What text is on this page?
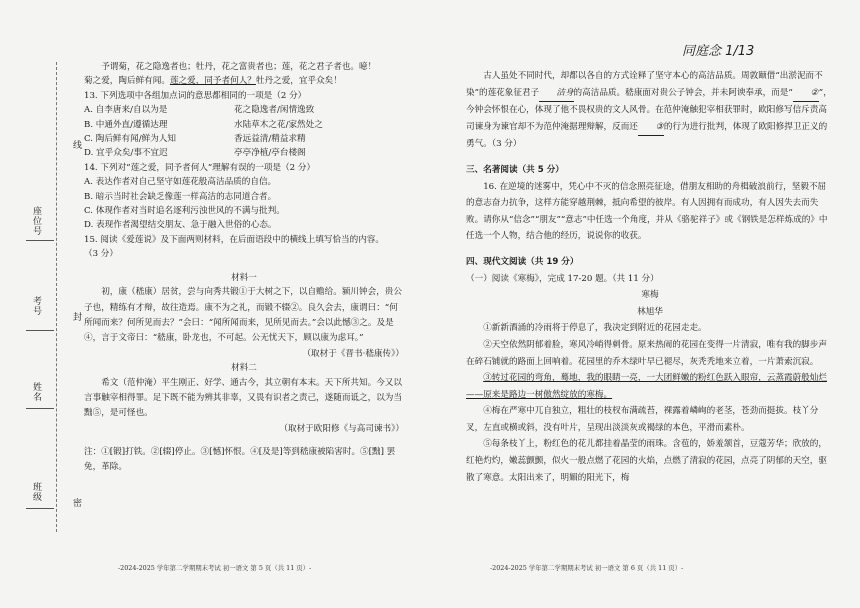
线
封
密
座位号
考号
姓名
班级

予谓菊，花之隐逸者也；牡丹，花之富贵者也；莲，花之君子者也。噫！

菊之爱，陶后鲜有闻。莲之爱，同予者何人？牡丹之爱，宜乎众矣！

13. 下列选项中各组加点词的意思都相同的一项是（2 分）

A. 自李唐来/自以为是	花之隐逸者/闲情逸致
B. 中通外直/遵循达理	水陆草木之花/家然处之
C. 陶后鲜有闻/鲜为人知	香远益清/精益求精
D. 宜乎众矣/事不宜迟	亭亭净植/亭台楼阁

14. 下列对“莲之爱，同予者何人”理解有误的一项是（2 分）

A. 表达作者对自己坚守如莲花般高洁品质的自信。

B. 暗示当时社会缺乏像莲一样高洁的志同道合者。

C. 体现作者对当时追名逐利污浊世风的不满与批判。

D. 表现作者渴望结交朋友、急于融入世俗的心态。

15. 阅读《爱莲说》及下面两则材料，在后面语段中的横线上填写恰当的内容。

（3 分）

材料一

初，康（嵇康）居贫，尝与向秀共锻①于大树之下，以自赡给。颍川钟会，贵公子也，精练有才辩，故往造焉。康不为之礼，而锻不辍②。良久会去，康谓曰：“何所闻而来？何所见而去？”会曰：“闻所闻而来，见所见而去。”会以此憾③之。及是④，言于文帝曰：“嵇康，卧龙也，不可起。公无忧天下，顾以康为虑耳。”

（取材于《晋书·嵇康传》）

材料二

希文（范仲淹）平生刚正、好学、通古今，其立朝有本末。天下所共知。今又以言事触宰相得罪。足下既不能为辨其非辜，又畏有识者之责己，遂随而诋之，以为当黜⑤，是可怪也。

（取材于欧阳修《与高司谏书》）

注：①[锻]打铁。②[辍]停止。③[憾]怀恨。④[及是]等到嵇康被陷害时。⑤[黜] 罢免，革除。

-2024-2025 学年第二学期期末考试 初一语文 第 5 页（共 11 页）-
同庭念 1/13

古人虽处不同时代，却都以各自的方式诠释了坚守本心的高洁品质。周敦颐借“出淤泥而不染”的莲花象征君子 洁身的高洁品质。嵇康面对贵公子钟会，并未阿谀奉承，而是“ ②”，今钟会怀恨在心，体现了他不畏权贵的文人风骨。在范仲淹触犯宰相获罪时，欧阳修写信斥责高司谏身为谏官却不为范仲淹据理辩解，反而还 ③的行为进行批判，体现了欧阳修捍卫正义的勇气。（3 分）

三、名著阅读（共 5 分）

16. 在逆境的迷雾中，凭心中不灭的信念照亮征途，借朋友相助的舟楫破浪前行，坚毅不屈的意志奋力抗争，这样方能穿越荆棘，抵向希望的彼岸。有人因拥有而成功，有人因失去而失败。请你从“信念”“朋友”“意志”中任选一个角度，并从《骆驼祥子》或《钢铁是怎样炼成的》中任选一个人物，结合他的经历，说说你的收获。

四、现代文阅读（共 19 分）

（一）阅读《寒梅》，完成 17-20 题。（共 11 分）

寒梅

林旭华

①新新酒涌的冷雨将于停息了，我决定到附近的花园走走。

②天空依然阴郁着脸，寒风冷峭得刺骨。原来热闹的花园在变得一片清寂，唯有我的脚步声在碎石铺就的路面上回响着。花园里的乔木绿叶早已褪尽，灰秃秃地来立着，一片萧索沉寂。

③转过花园的弯角，蓦地，我的眼睛一亮，一大团鲜嫩的粉红色跃入眼帘，云蒸霞蔚般灿烂——原来是路边一树傲然绽放的寒梅。

④梅在严寒中兀自独立，粗壮的枝杈布满疏苔，裸露着嶙峋的老茎，苍劲而挺拔。枝丫分叉，左直或横或斜，没有叶片，呈现出淡淡灰或褐绿的本色，平滑而素朴。

⑤每条枝丫上，粉红色的花儿都挂着晶莹的雨珠。含苞的，娇羞颔首，豆蔻芳华；欣放的，红艳灼灼，嫩蕊颤颤，似火一般点燃了花园的火焰，点燃了清寂的花园，点亮了阴郁的天空，驱散了寒意。太阳出来了，明媚的阳光下，梅

-2024-2025 学年第二学期期末考试 初一语文 第 6 页（共 11 页）-
